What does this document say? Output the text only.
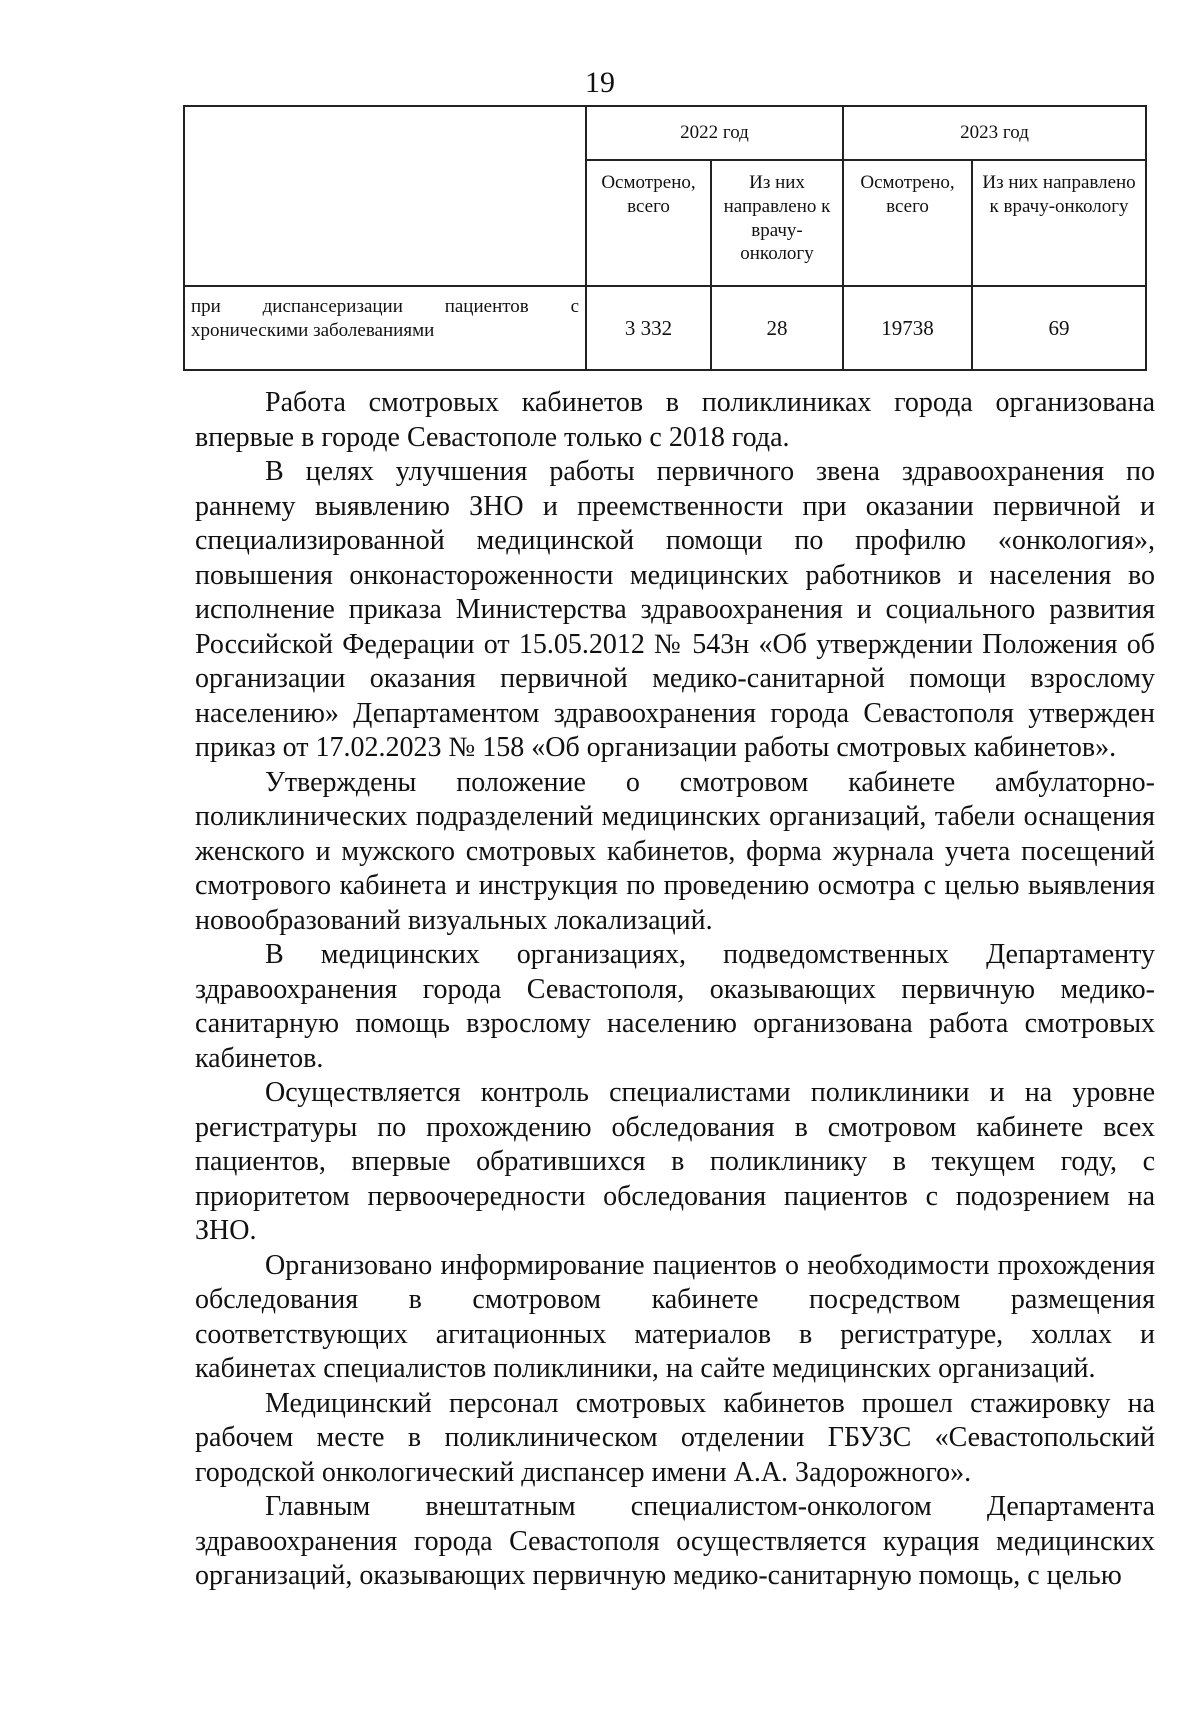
19
	2022 год		2023 год	
	Осмотрено, всего	Из них направлено к врачу-онкологу	Осмотрено, всего	Из них направлено к врачу-онкологу
при диспансеризации пациентов с хроническими заболеваниями	3 332	28	19738	69

Работа смотровых кабинетов в поликлиниках города организована впервые в городе Севастополе только с 2018 года.

В целях улучшения работы первичного звена здравоохранения по раннему выявлению ЗНО и преемственности при оказании первичной и специализированной медицинской помощи по профилю «онкология», повышения онконастороженности медицинских работников и населения во исполнение приказа Министерства здравоохранения и социального развития Российской Федерации от 15.05.2012 № 543н «Об утверждении Положения об организации оказания первичной медико-санитарной помощи взрослому населению» Департаментом здравоохранения города Севастополя утвержден приказ от 17.02.2023 № 158 «Об организации работы смотровых кабинетов».

Утверждены положение о смотровом кабинете амбулаторно-поликлинических подразделений медицинских организаций, табели оснащения женского и мужского смотровых кабинетов, форма журнала учета посещений смотрового кабинета и инструкция по проведению осмотра с целью выявления новообразований визуальных локализаций.

В медицинских организациях, подведомственных Департаменту здравоохранения города Севастополя, оказывающих первичную медико-санитарную помощь взрослому населению организована работа смотровых кабинетов.

Осуществляется контроль специалистами поликлиники и на уровне регистратуры по прохождению обследования в смотровом кабинете всех пациентов, впервые обратившихся в поликлинику в текущем году, с приоритетом первоочередности обследования пациентов с подозрением на ЗНО.

Организовано информирование пациентов о необходимости прохождения обследования в смотровом кабинете посредством размещения соответствующих агитационных материалов в регистратуре, холлах и кабинетах специалистов поликлиники, на сайте медицинских организаций.

Медицинский персонал смотровых кабинетов прошел стажировку на рабочем месте в поликлиническом отделении ГБУЗС «Севастопольский городской онкологический диспансер имени А.А. Задорожного».

Главным внештатным специалистом-онкологом Департамента здравоохранения города Севастополя осуществляется курация медицинских организаций, оказывающих первичную медико-санитарную помощь, с целью
